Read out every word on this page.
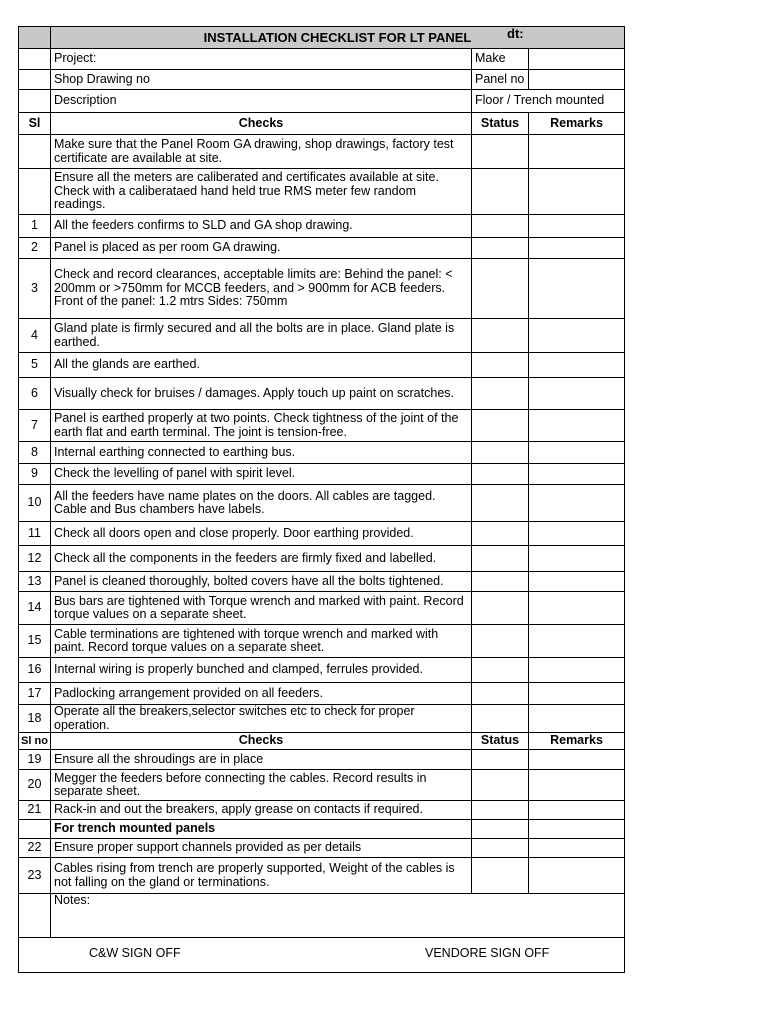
	INSTALLATION CHECKLIST FOR LT PANEL dt:		

	Project:	Make	
	Shop Drawing no	Panel no	
	Description	Floor / Trench mounted	
Sl	Checks	Status	Remarks
	Make sure that the Panel Room GA drawing, shop drawings, factory test certificate are available at site.		
	Ensure all the meters are caliberated and certificates available at site. Check with a caliberataed hand held true RMS meter few random readings.		
1	All the feeders confirms to SLD and GA shop drawing.		
2	Panel is placed as per room GA drawing.		
3	Check and record clearances, acceptable limits are: Behind the panel: < 200mm or >750mm for MCCB feeders, and > 900mm for ACB feeders. Front of the panel: 1.2 mtrs Sides: 750mm		
4	Gland plate is firmly secured and all the bolts are in place. Gland plate is earthed.		
5	All the glands are earthed.		
6	Visually check for bruises / damages. Apply touch up paint on scratches.		
7	Panel is earthed properly at two points. Check tightness of the joint of the earth flat and earth terminal. The joint is tension-free.		
8	Internal earthing connected to earthing bus.		
9	Check the levelling of panel with spirit level.		
10	All the feeders have name plates on the doors. All cables are tagged. Cable and Bus chambers have labels.		
11	Check all doors open and close properly. Door earthing provided.		
12	Check all the components in the feeders are firmly fixed and labelled.		
13	Panel is cleaned thoroughly, bolted covers have all the bolts tightened.		
14	Bus bars are tightened with Torque wrench and marked with paint. Record torque values on a separate sheet.		
15	Cable terminations are tightened with torque wrench and marked with paint. Record torque values on a separate sheet.		
16	Internal wiring is properly bunched and clamped, ferrules provided.		
17	Padlocking arrangement provided on all feeders.		
18	Operate all the breakers,selector switches etc to check for proper operation.		
Sl no	Checks	Status	Remarks
19	Ensure all the shroudings are in place		
20	Megger the feeders before connecting the cables. Record results in separate sheet.		
21	Rack-in and out the breakers, apply grease on contacts if required.		
	For trench mounted panels		
22	Ensure proper support channels provided as per details		
23	Cables rising from trench are properly supported, Weight of the cables is not falling on the gland or terminations.		
	Notes:		

C&W SIGN OFF VENDORE SIGN OFF			
